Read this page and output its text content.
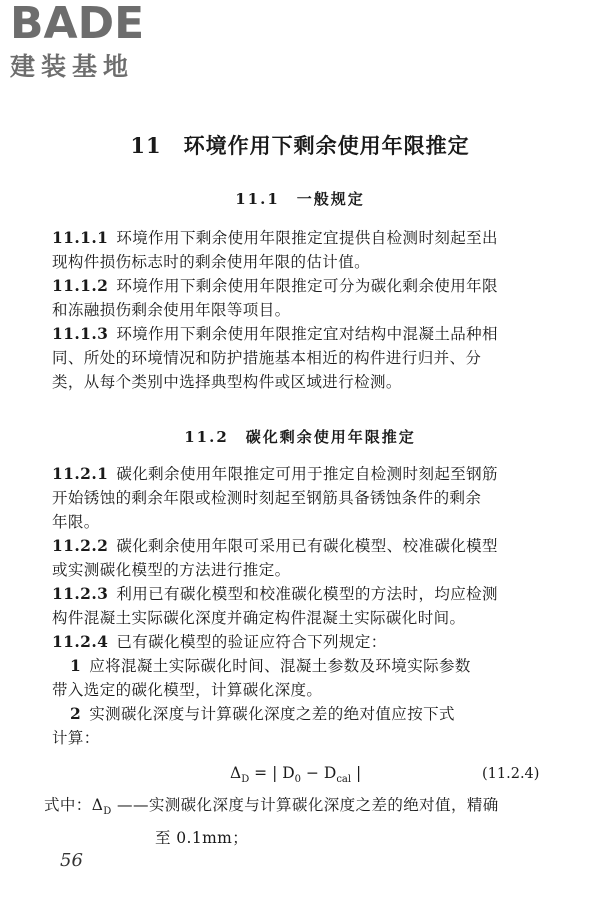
BADE
建装基地
11　环境作用下剩余使用年限推定
11.1　一般规定
11.1.1 环境作用下剩余使用年限推定宜提供自检测时刻起至出
现构件损伤标志时的剩余使用年限的估计值。
11.1.2 环境作用下剩余使用年限推定可分为碳化剩余使用年限
和冻融损伤剩余使用年限等项目。
11.1.3 环境作用下剩余使用年限推定宜对结构中混凝土品种相
同、所处的环境情况和防护措施基本相近的构件进行归并、分
类，从每个类别中选择典型构件或区域进行检测。
11.2　碳化剩余使用年限推定
11.2.1 碳化剩余使用年限推定可用于推定自检测时刻起至钢筋
开始锈蚀的剩余年限或检测时刻起至钢筋具备锈蚀条件的剩余
年限。
11.2.2 碳化剩余使用年限可采用已有碳化模型、校准碳化模型
或实测碳化模型的方法进行推定。
11.2.3 利用已有碳化模型和校准碳化模型的方法时，均应检测
构件混凝土实际碳化深度并确定构件混凝土实际碳化时间。
11.2.4 已有碳化模型的验证应符合下列规定：
1 应将混凝土实际碳化时间、混凝土参数及环境实际参数
带入选定的碳化模型，计算碳化深度。
2 实测碳化深度与计算碳化深度之差的绝对值应按下式
计算：
$\Delta_D$ = | $D_0 - D_{cal}$ |	(11.2.4)
式中：$\Delta_D$ ——实测碳化深度与计算碳化深度之差的绝对值，精确
至 0.1mm；
56
